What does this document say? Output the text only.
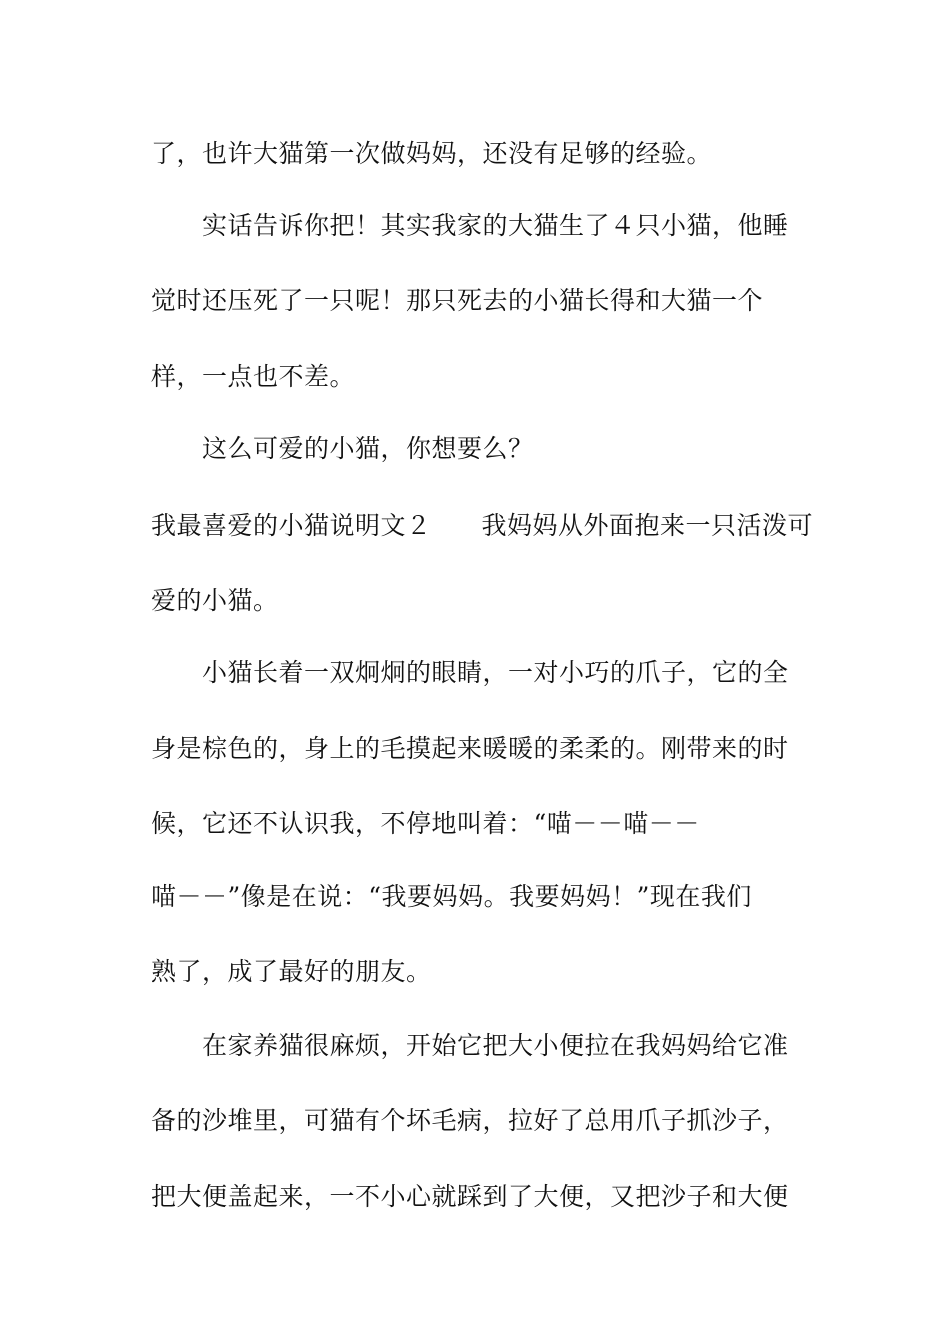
了，也许大猫第一次做妈妈，还没有足够的经验。
实话告诉你把！其实我家的大猫生了４只小猫，他睡
觉时还压死了一只呢！那只死去的小猫长得和大猫一个
样，一点也不差。
这么可爱的小猫，你想要么？
我最喜爱的小猫说明文２ 我妈妈从外面抱来一只活泼可
爱的小猫。
小猫长着一双炯炯的眼睛，一对小巧的爪子，它的全
身是棕色的，身上的毛摸起来暖暖的柔柔的。刚带来的时
候，它还不认识我，不停地叫着：“喵－－喵－－
喵－－”像是在说：“我要妈妈。我要妈妈！”现在我们
熟了，成了最好的朋友。
在家养猫很麻烦，开始它把大小便拉在我妈妈给它准
备的沙堆里，可猫有个坏毛病，拉好了总用爪子抓沙子，
把大便盖起来，一不小心就踩到了大便，又把沙子和大便
